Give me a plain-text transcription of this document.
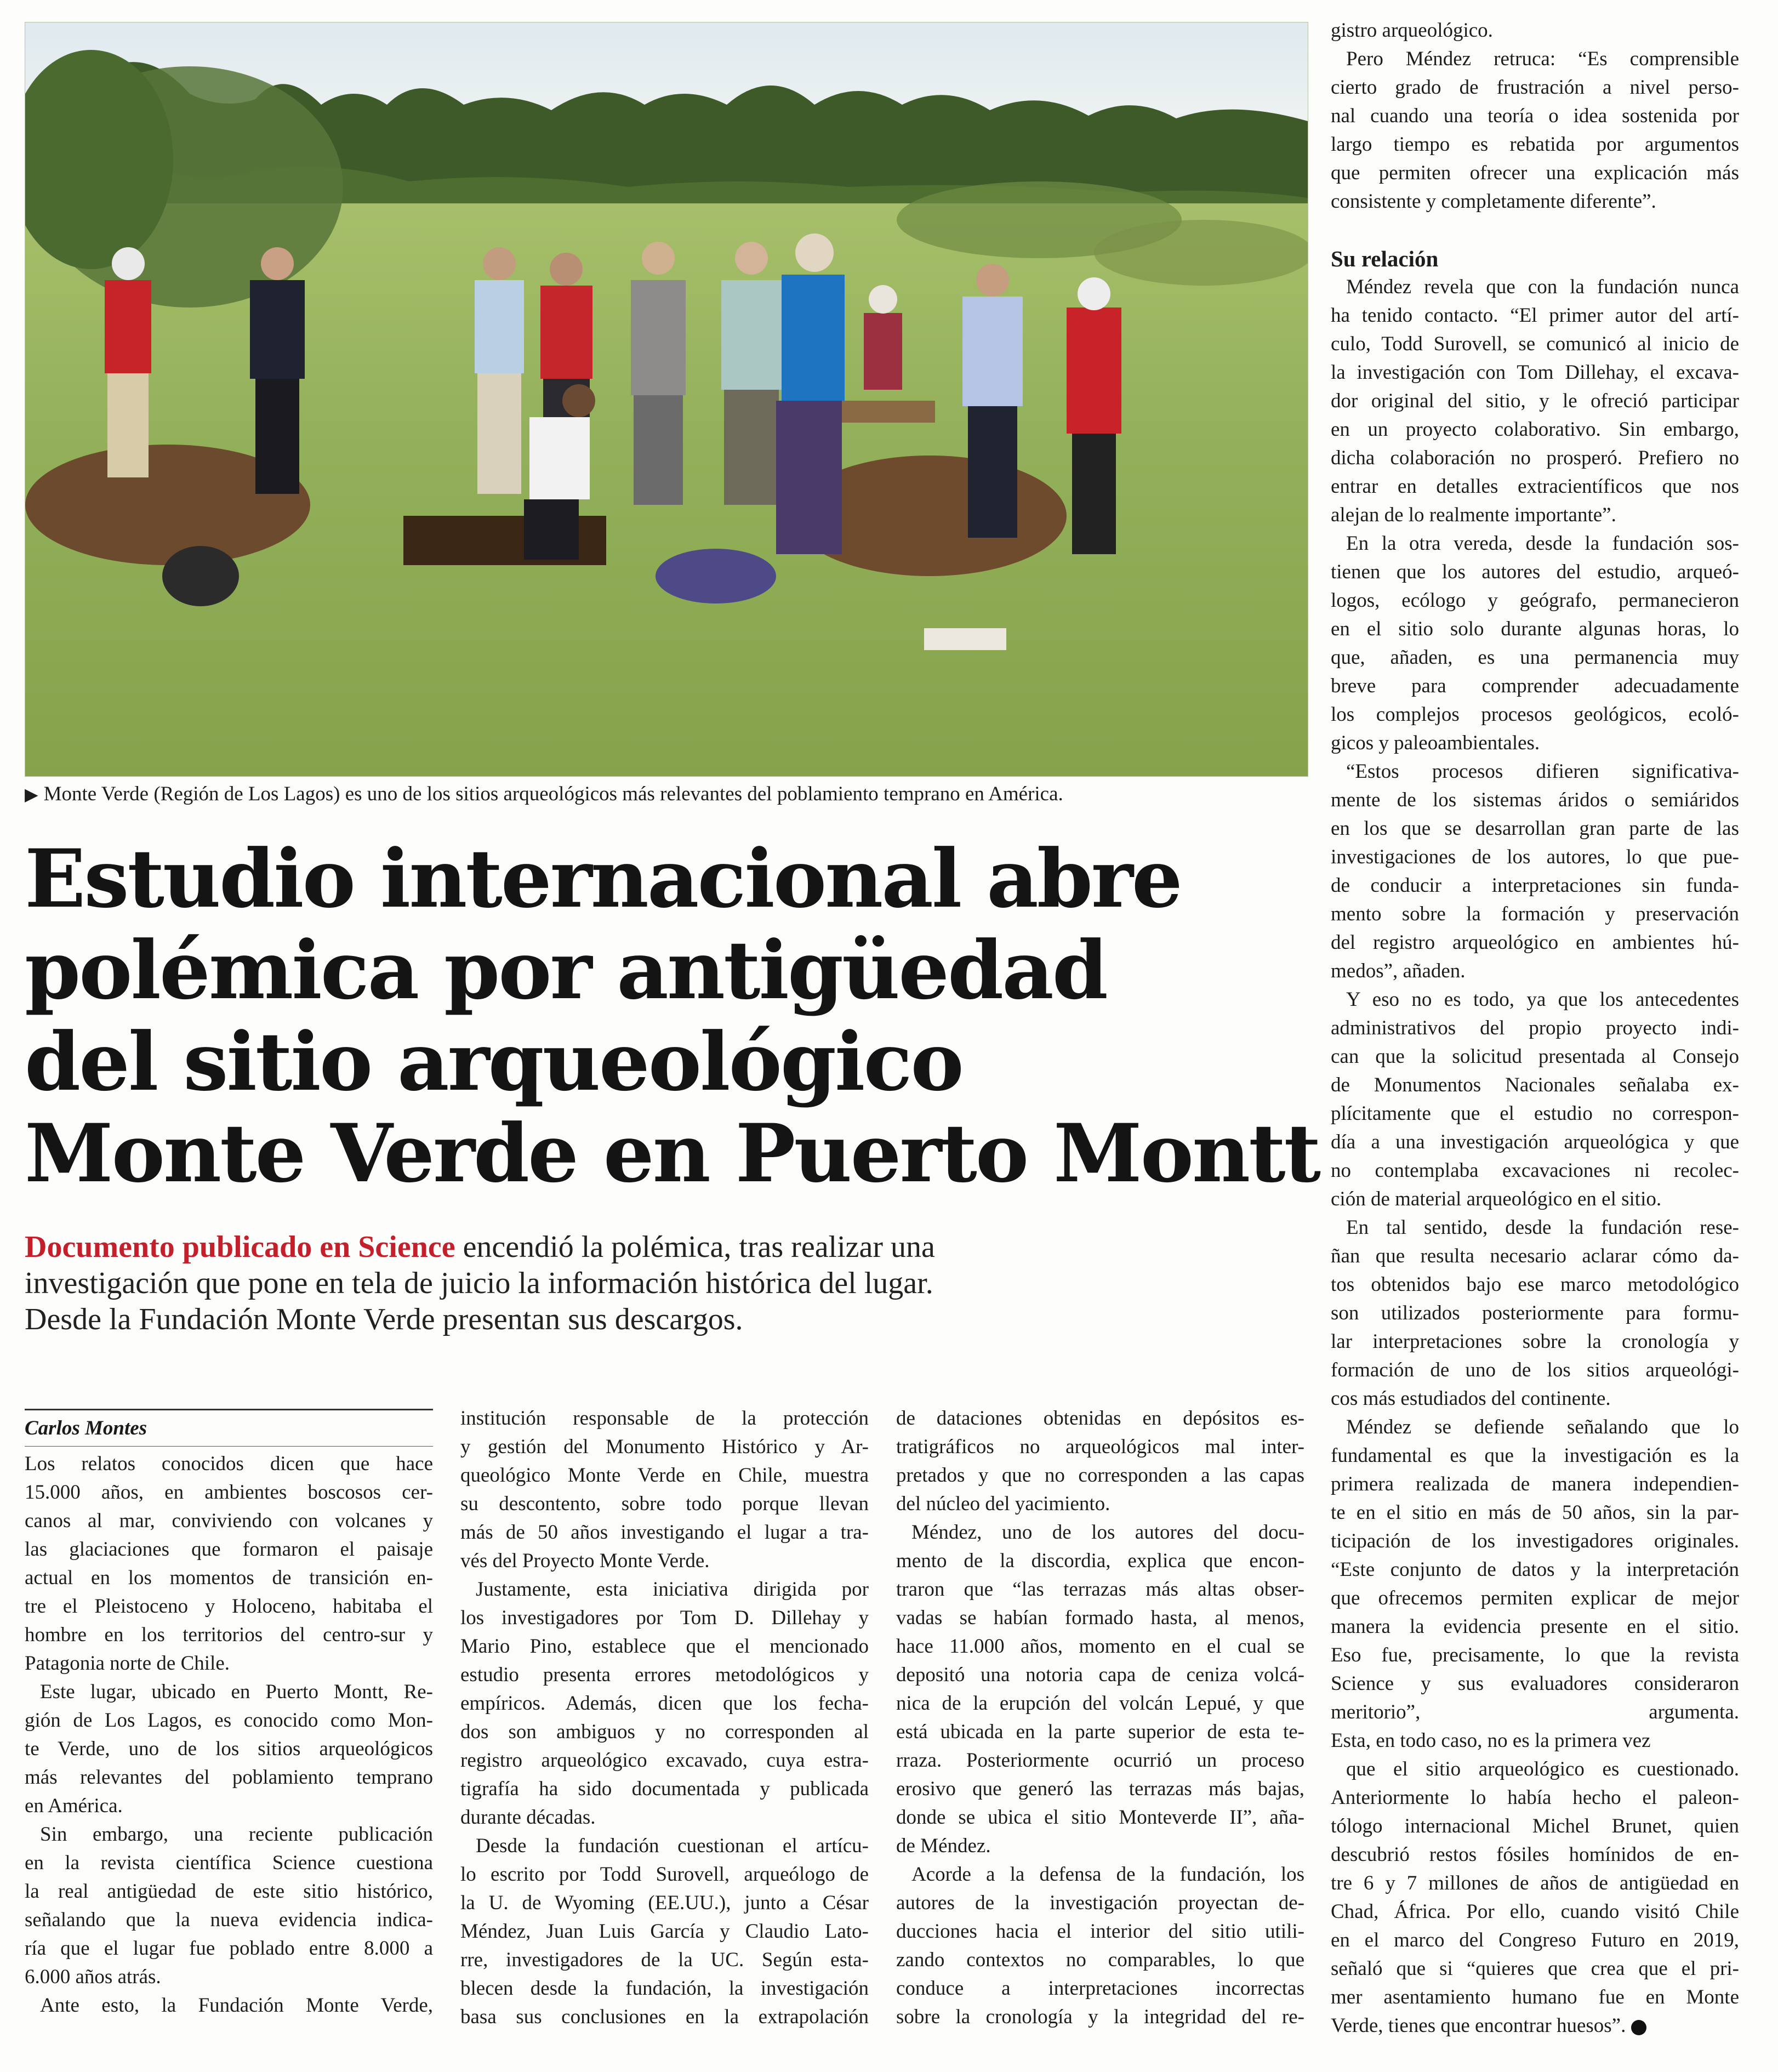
▶ Monte Verde (Región de Los Lagos) es uno de los sitios arqueológicos más relevantes del poblamiento temprano en América.
Estudio internacional abre
polémica por antigüedad
del sitio arqueológico
Monte Verde en Puerto Montt
Documento publicado en Science encendió la polémica, tras realizar una
investigación que pone en tela de juicio la información histórica del lugar.
Desde la Fundación Monte Verde presentan sus descargos.
Carlos Montes
Los relatos conocidos dicen que hace
15.000 años, en ambientes boscosos cer-
canos al mar, conviviendo con volcanes y
las glaciaciones que formaron el paisaje
actual en los momentos de transición en-
tre el Pleistoceno y Holoceno, habitaba el
hombre en los territorios del centro-sur y
Patagonia norte de Chile.
Este lugar, ubicado en Puerto Montt, Re-
gión de Los Lagos, es conocido como Mon-
te Verde, uno de los sitios arqueológicos
más relevantes del poblamiento temprano
en América.
Sin embargo, una reciente publicación
en la revista científica Science cuestiona
la real antigüedad de este sitio histórico,
señalando que la nueva evidencia indica-
ría que el lugar fue poblado entre 8.000 a
6.000 años atrás.
Ante esto, la Fundación Monte Verde,
institución responsable de la protección
y gestión del Monumento Histórico y Ar-
queológico Monte Verde en Chile, muestra
su descontento, sobre todo porque llevan
más de 50 años investigando el lugar a tra-
vés del Proyecto Monte Verde.
Justamente, esta iniciativa dirigida por
los investigadores por Tom D. Dillehay y
Mario Pino, establece que el mencionado
estudio presenta errores metodológicos y
empíricos. Además, dicen que los fecha-
dos son ambiguos y no corresponden al
registro arqueológico excavado, cuya estra-
tigrafía ha sido documentada y publicada
durante décadas.
Desde la fundación cuestionan el artícu-
lo escrito por Todd Surovell, arqueólogo de
la U. de Wyoming (EE.UU.), junto a César
Méndez, Juan Luis García y Claudio Lato-
rre, investigadores de la UC. Según esta-
blecen desde la fundación, la investigación
basa sus conclusiones en la extrapolación
de dataciones obtenidas en depósitos es-
tratigráficos no arqueológicos mal inter-
pretados y que no corresponden a las capas
del núcleo del yacimiento.
Méndez, uno de los autores del docu-
mento de la discordia, explica que encon-
traron que “las terrazas más altas obser-
vadas se habían formado hasta, al menos,
hace 11.000 años, momento en el cual se
depositó una notoria capa de ceniza volcá-
nica de la erupción del volcán Lepué, y que
está ubicada en la parte superior de esta te-
rraza. Posteriormente ocurrió un proceso
erosivo que generó las terrazas más bajas,
donde se ubica el sitio Monteverde II”, aña-
de Méndez.
Acorde a la defensa de la fundación, los
autores de la investigación proyectan de-
ducciones hacia el interior del sitio utili-
zando contextos no comparables, lo que
conduce a interpretaciones incorrectas
sobre la cronología y la integridad del re-
gistro arqueológico.
Pero Méndez retruca: “Es comprensible
cierto grado de frustración a nivel perso-
nal cuando una teoría o idea sostenida por
largo tiempo es rebatida por argumentos
que permiten ofrecer una explicación más
consistente y completamente diferente”.
Su relación
Méndez revela que con la fundación nunca
ha tenido contacto. “El primer autor del artí-
culo, Todd Surovell, se comunicó al inicio de
la investigación con Tom Dillehay, el excava-
dor original del sitio, y le ofreció participar
en un proyecto colaborativo. Sin embargo,
dicha colaboración no prosperó. Prefiero no
entrar en detalles extracientíficos que nos
alejan de lo realmente importante”.
En la otra vereda, desde la fundación sos-
tienen que los autores del estudio, arqueó-
logos, ecólogo y geógrafo, permanecieron
en el sitio solo durante algunas horas, lo
que, añaden, es una permanencia muy
breve para comprender adecuadamente
los complejos procesos geológicos, ecoló-
gicos y paleoambientales.
“Estos procesos difieren significativa-
mente de los sistemas áridos o semiáridos
en los que se desarrollan gran parte de las
investigaciones de los autores, lo que pue-
de conducir a interpretaciones sin funda-
mento sobre la formación y preservación
del registro arqueológico en ambientes hú-
medos”, añaden.
Y eso no es todo, ya que los antecedentes
administrativos del propio proyecto indi-
can que la solicitud presentada al Consejo
de Monumentos Nacionales señalaba ex-
plícitamente que el estudio no correspon-
día a una investigación arqueológica y que
no contemplaba excavaciones ni recolec-
ción de material arqueológico en el sitio.
En tal sentido, desde la fundación rese-
ñan que resulta necesario aclarar cómo da-
tos obtenidos bajo ese marco metodológico
son utilizados posteriormente para formu-
lar interpretaciones sobre la cronología y
formación de uno de los sitios arqueológi-
cos más estudiados del continente.
Méndez se defiende señalando que lo
fundamental es que la investigación es la
primera realizada de manera independien-
te en el sitio en más de 50 años, sin la par-
ticipación de los investigadores originales.
“Este conjunto de datos y la interpretación
que ofrecemos permiten explicar de mejor
manera la evidencia presente en el sitio.
Eso fue, precisamente, lo que la revista
Science y sus evaluadores consideraron
meritorio”, argumenta.
Esta, en todo caso, no es la primera vez
que el sitio arqueológico es cuestionado.
Anteriormente lo había hecho el paleon-
tólogo internacional Michel Brunet, quien
descubrió restos fósiles homínidos de en-
tre 6 y 7 millones de años de antigüedad en
Chad, África. Por ello, cuando visitó Chile
en el marco del Congreso Futuro en 2019,
señaló que si “quieres que crea que el pri-
mer asentamiento humano fue en Monte
Verde, tienes que encontrar huesos”.
